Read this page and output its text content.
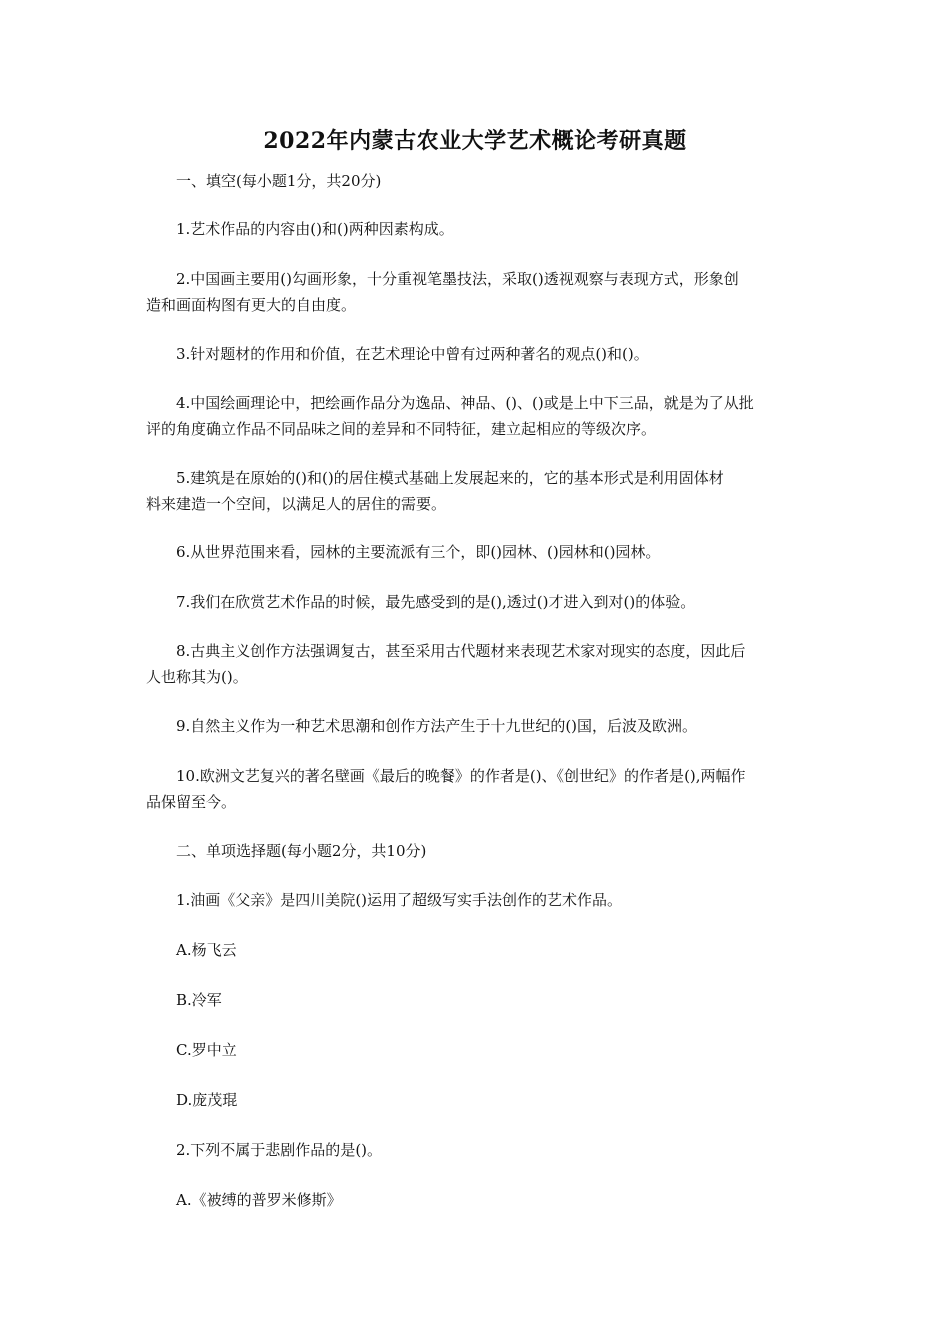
2022年内蒙古农业大学艺术概论考研真题
一、填空(每小题1分，共20分)
1.艺术作品的内容由()和()两种因素构成。
2.中国画主要用()勾画形象，十分重视笔墨技法，采取()透视观察与表现方式，形象创
造和画面构图有更大的自由度。
3.针对题材的作用和价值，在艺术理论中曾有过两种著名的观点()和()。
4.中国绘画理论中，把绘画作品分为逸品、神品、()、()或是上中下三品，就是为了从批
评的角度确立作品不同品味之间的差异和不同特征，建立起相应的等级次序。
5.建筑是在原始的()和()的居住模式基础上发展起来的，它的基本形式是利用固体材
料来建造一个空间，以满足人的居住的需要。
6.从世界范围来看，园林的主要流派有三个，即()园林、()园林和()园林。
7.我们在欣赏艺术作品的时候，最先感受到的是(),透过()才进入到对()的体验。
8.古典主义创作方法强调复古，甚至采用古代题材来表现艺术家对现实的态度，因此后
人也称其为()。
9.自然主义作为一种艺术思潮和创作方法产生于十九世纪的()国，后波及欧洲。
10.欧洲文艺复兴的著名壁画《最后的晚餐》的作者是()、《创世纪》的作者是(),两幅作
品保留至今。
二、单项选择题(每小题2分，共10分)
1.油画《父亲》是四川美院()运用了超级写实手法创作的艺术作品。
A.杨飞云
B.冷军
C.罗中立
D.庞茂琨
2.下列不属于悲剧作品的是()。
A.《被缚的普罗米修斯》
